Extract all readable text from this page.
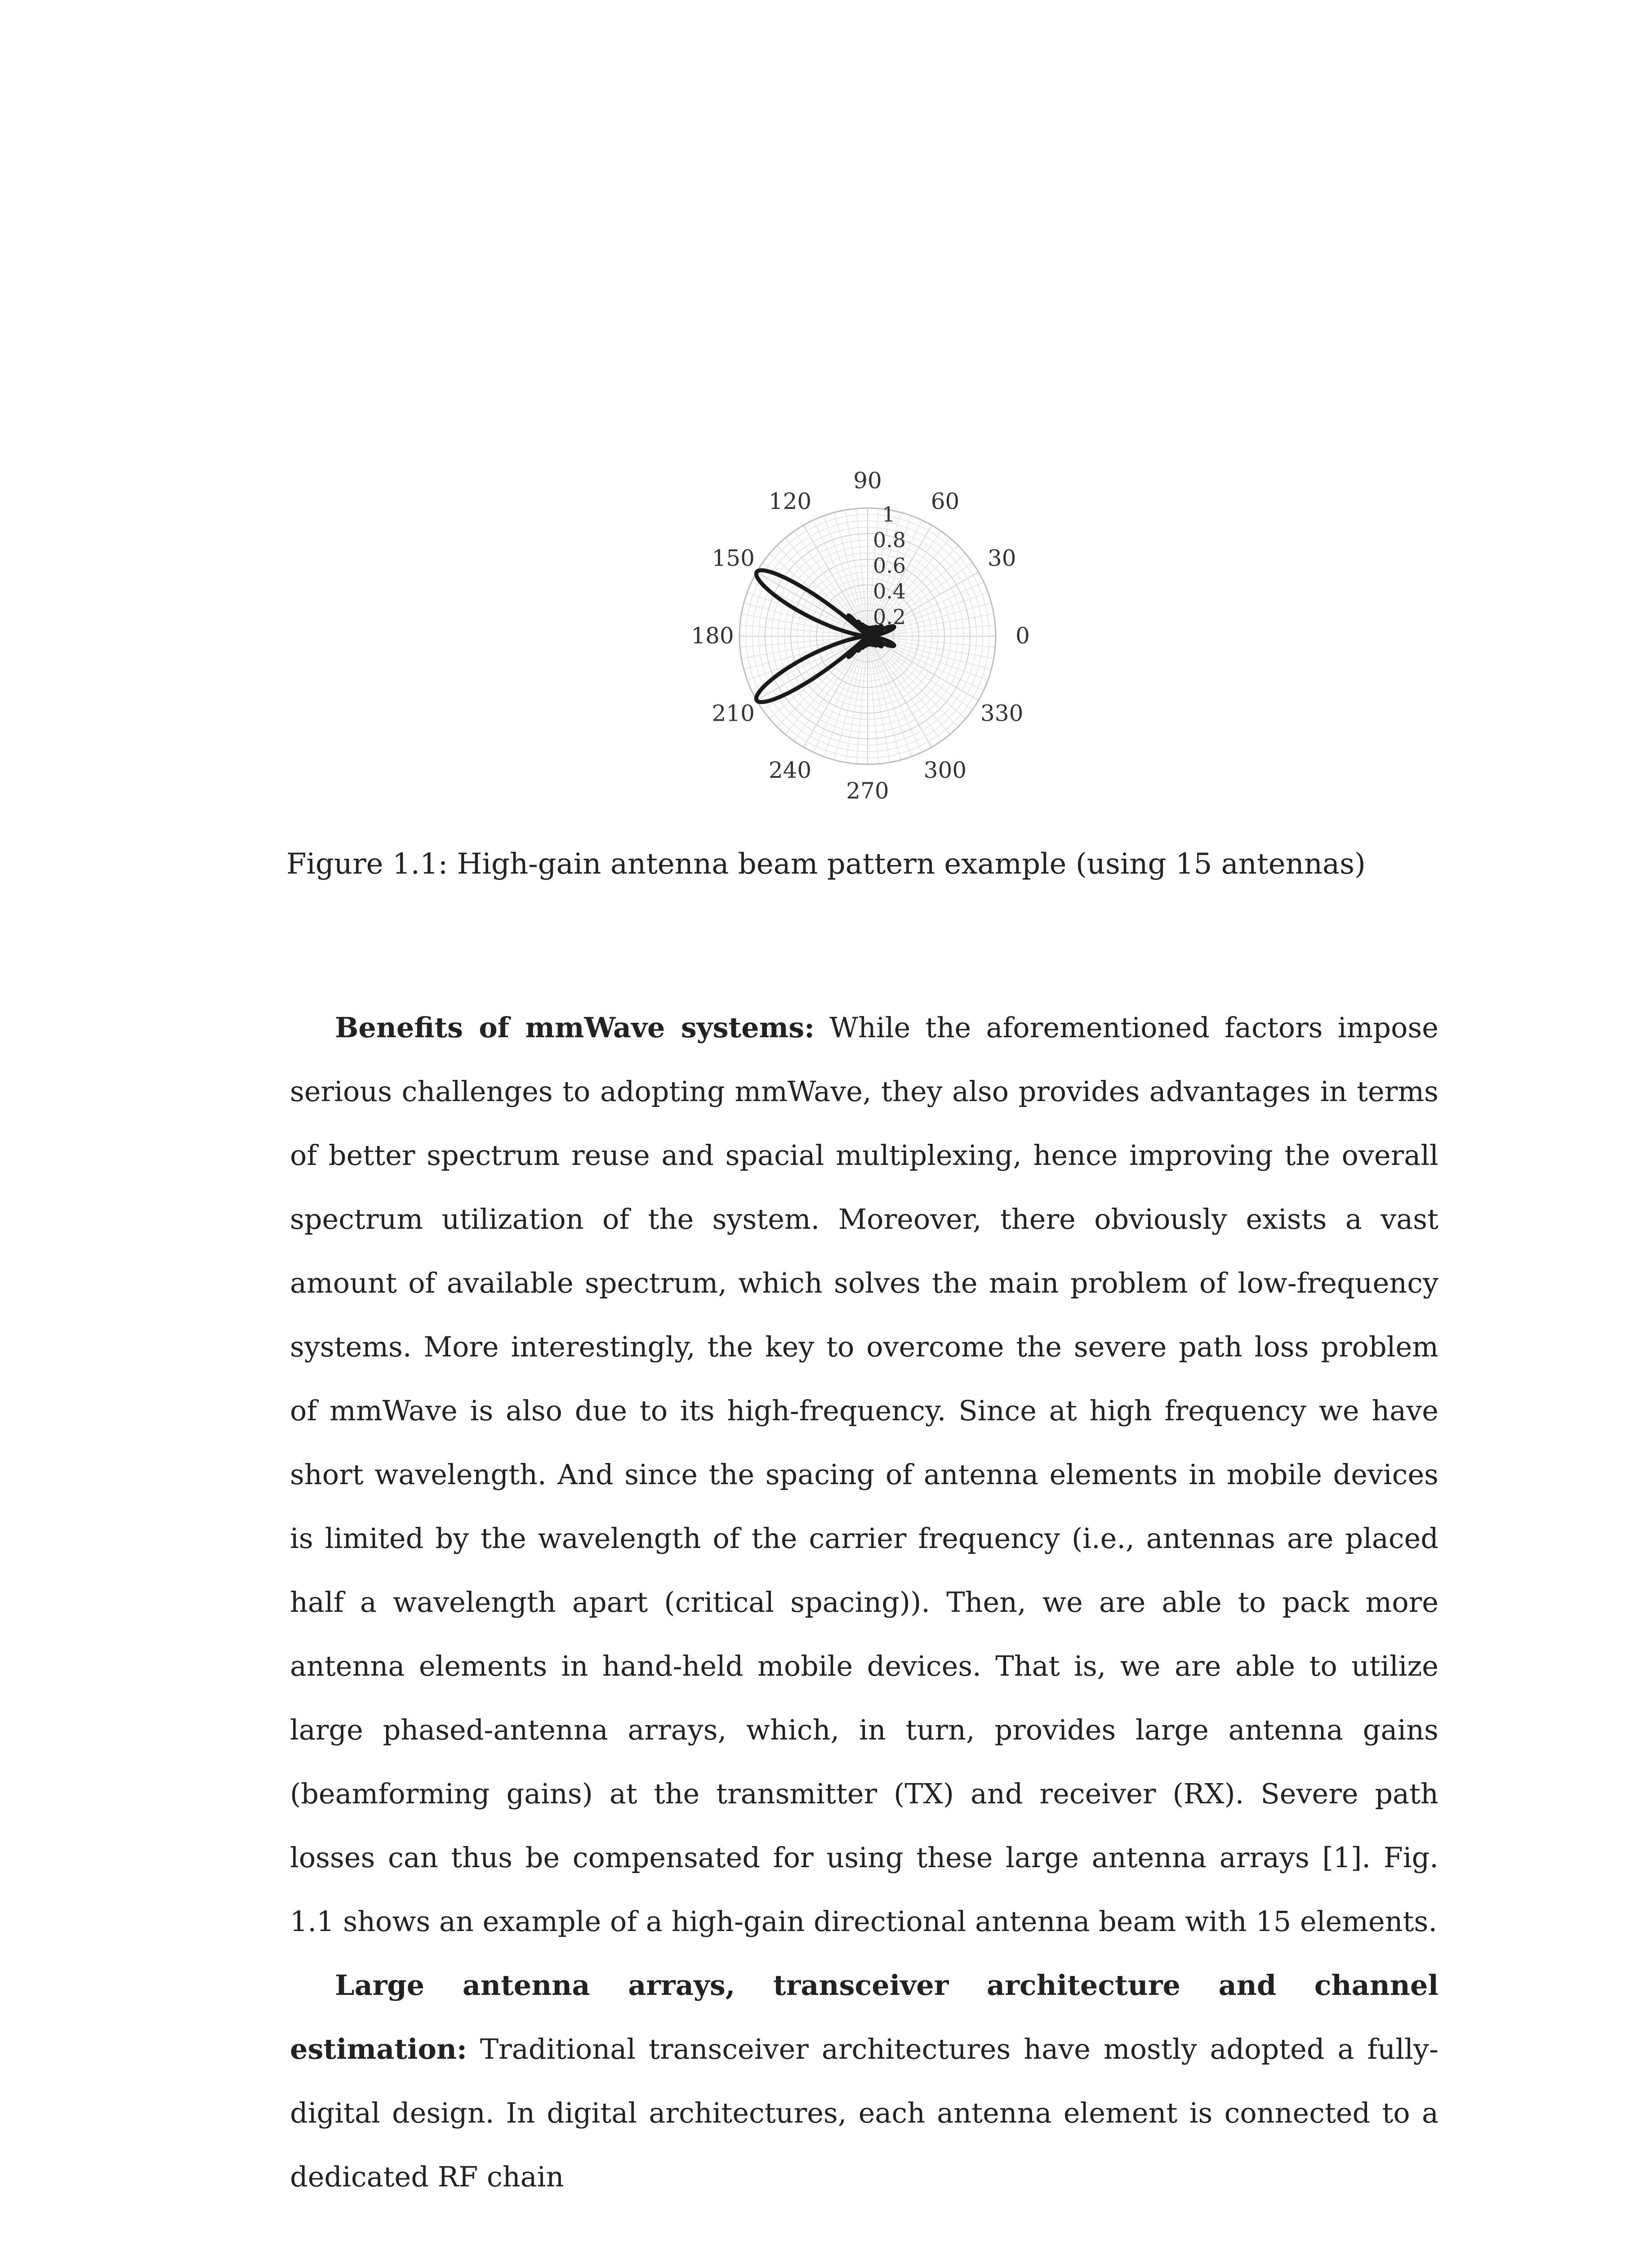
0.2
0.4
0.6
0.8
1
0
30
60
90
120
150
180
210
240
270
300
330
Figure 1.1: High-gain antenna beam pattern example (using 15 antennas)

Benefits of mmWave systems: While the aforementioned factors impose serious challenges to adopting mmWave, they also provides advantages in terms of better spectrum reuse and spacial multiplexing, hence improving the overall spectrum utilization of the system. Moreover, there obviously exists a vast amount of available spectrum, which solves the main problem of low-frequency systems. More interestingly, the key to overcome the severe path loss problem of mmWave is also due to its high-frequency. Since at high frequency we have short wavelength. And since the spacing of antenna elements in mobile devices is limited by the wavelength of the carrier frequency (i.e., antennas are placed half a wavelength apart (critical spacing)). Then, we are able to pack more antenna elements in hand-held mobile devices. That is, we are able to utilize large phased-antenna arrays, which, in turn, provides large antenna gains (beamforming gains) at the transmitter (TX) and receiver (RX). Severe path losses can thus be compensated for using these large antenna arrays [1]. Fig. 1.1 shows an example of a high-gain directional antenna beam with 15 elements.

Large antenna arrays, transceiver architecture and channel estimation: Traditional transceiver architectures have mostly adopted a fully-digital design. In digital architectures, each antenna element is connected to a dedicated RF chain
